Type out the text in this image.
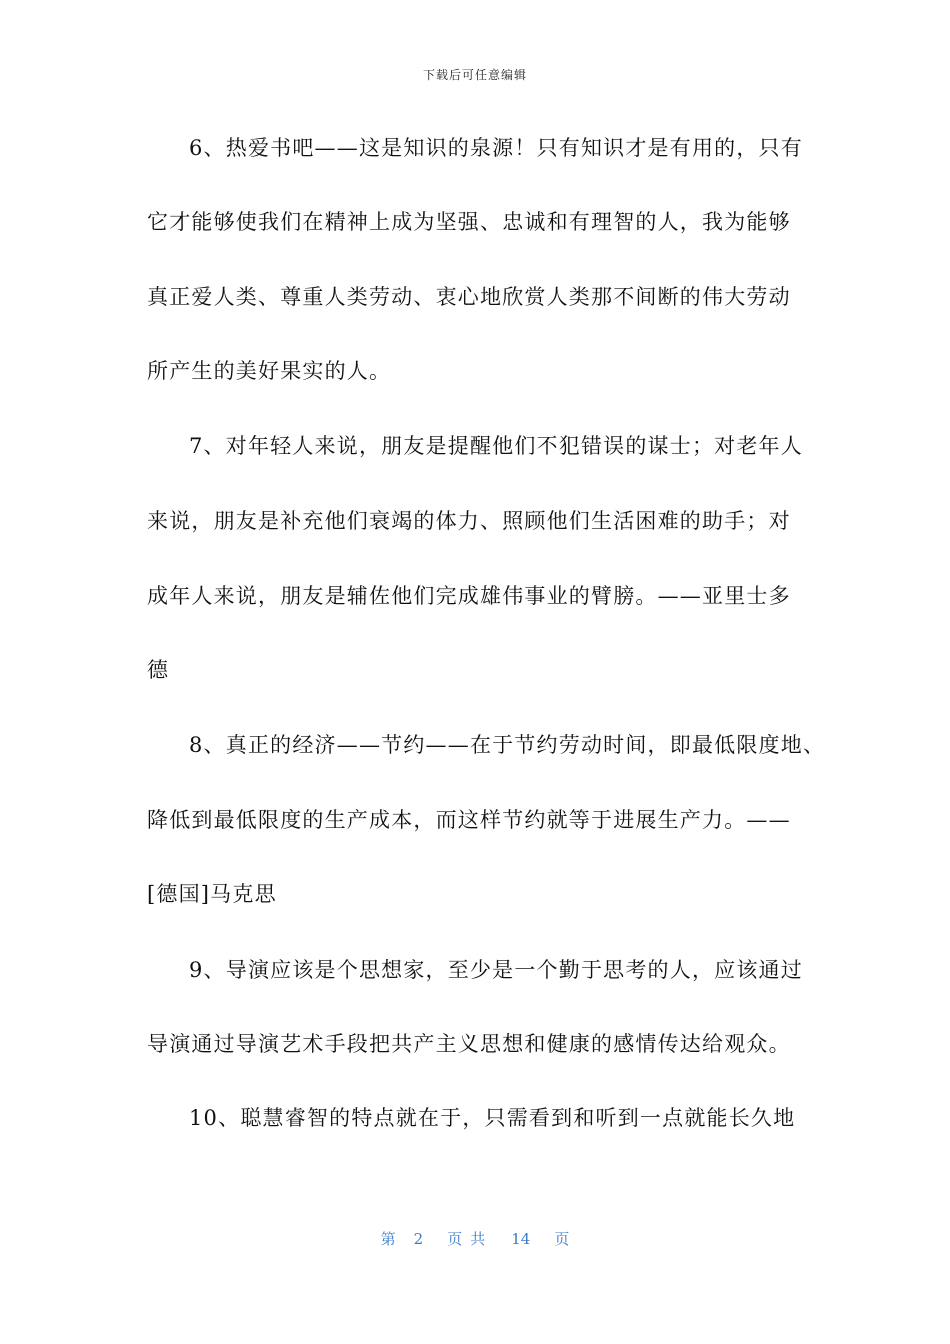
下载后可任意编辑
6、热爱书吧——这是知识的泉源！只有知识才是有用的，只有
它才能够使我们在精神上成为坚强、忠诚和有理智的人，我为能够
真正爱人类、尊重人类劳动、衷心地欣赏人类那不间断的伟大劳动
所产生的美好果实的人。
7、对年轻人来说，朋友是提醒他们不犯错误的谋士；对老年人
来说，朋友是补充他们衰竭的体力、照顾他们生活困难的助手；对
成年人来说，朋友是辅佐他们完成雄伟事业的臂膀。——亚里士多
德
8、真正的经济——节约——在于节约劳动时间，即最低限度地、
降低到最低限度的生产成本，而这样节约就等于进展生产力。——
[德国]马克思
9、导演应该是个思想家，至少是一个勤于思考的人，应该通过
导演通过导演艺术手段把共产主义思想和健康的感情传达给观众。
10、聪慧睿智的特点就在于，只需看到和听到一点就能长久地
第 2 页共 14 页
